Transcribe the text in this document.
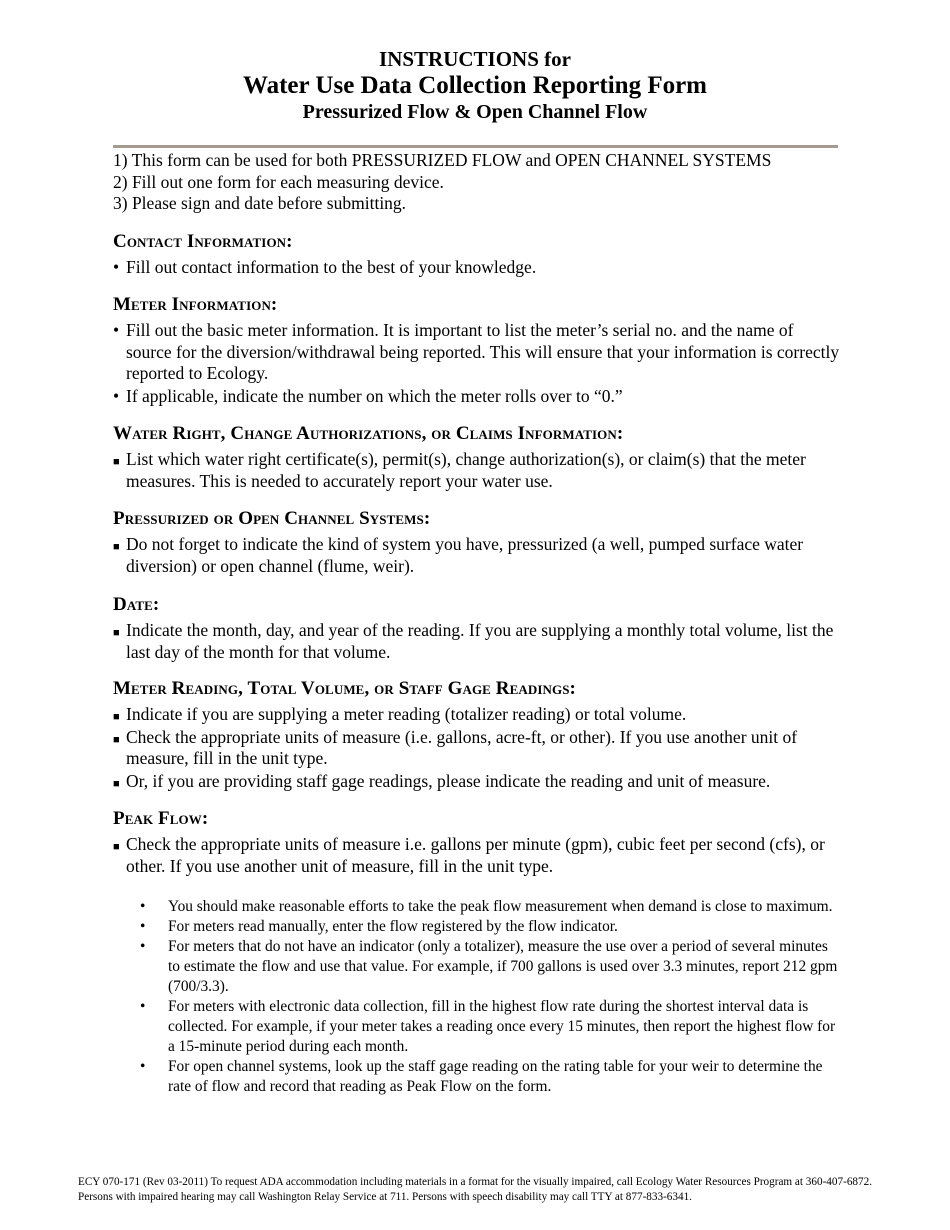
INSTRUCTIONS for
Water Use Data Collection Reporting Form
Pressurized Flow & Open Channel Flow
1) This form can be used for both PRESSURIZED FLOW and OPEN CHANNEL SYSTEMS
2) Fill out one form for each measuring device.
3) Please sign and date before submitting.
Contact Information:
• Fill out contact information to the best of your knowledge.
Meter Information:
• Fill out the basic meter information. It is important to list the meter’s serial no. and the name of source for the diversion/withdrawal being reported. This will ensure that your information is correctly reported to Ecology.
• If applicable, indicate the number on which the meter rolls over to “0.”
Water Right, Change Authorizations, or Claims Information:
■ List which water right certificate(s), permit(s), change authorization(s), or claim(s) that the meter measures. This is needed to accurately report your water use.
Pressurized or Open Channel Systems:
■ Do not forget to indicate the kind of system you have, pressurized (a well, pumped surface water diversion) or open channel (flume, weir).
Date:
■ Indicate the month, day, and year of the reading. If you are supplying a monthly total volume, list the last day of the month for that volume.
Meter Reading, Total Volume, or Staff Gage Readings:
■ Indicate if you are supplying a meter reading (totalizer reading) or total volume.
■ Check the appropriate units of measure (i.e. gallons, acre-ft, or other). If you use another unit of measure, fill in the unit type.
■ Or, if you are providing staff gage readings, please indicate the reading and unit of measure.
Peak Flow:
■ Check the appropriate units of measure i.e. gallons per minute (gpm), cubic feet per second (cfs), or other. If you use another unit of measure, fill in the unit type.
• You should make reasonable efforts to take the peak flow measurement when demand is close to maximum.
• For meters read manually, enter the flow registered by the flow indicator.
• For meters that do not have an indicator (only a totalizer), measure the use over a period of several minutes to estimate the flow and use that value. For example, if 700 gallons is used over 3.3 minutes, report 212 gpm (700/3.3).
• For meters with electronic data collection, fill in the highest flow rate during the shortest interval data is collected. For example, if your meter takes a reading once every 15 minutes, then report the highest flow for a 15-minute period during each month.
• For open channel systems, look up the staff gage reading on the rating table for your weir to determine the rate of flow and record that reading as Peak Flow on the form.
ECY 070-171 (Rev 03-2011) To request ADA accommodation including materials in a format for the visually impaired, call Ecology Water Resources Program at 360-407-6872. Persons with impaired hearing may call Washington Relay Service at 711. Persons with speech disability may call TTY at 877-833-6341.
